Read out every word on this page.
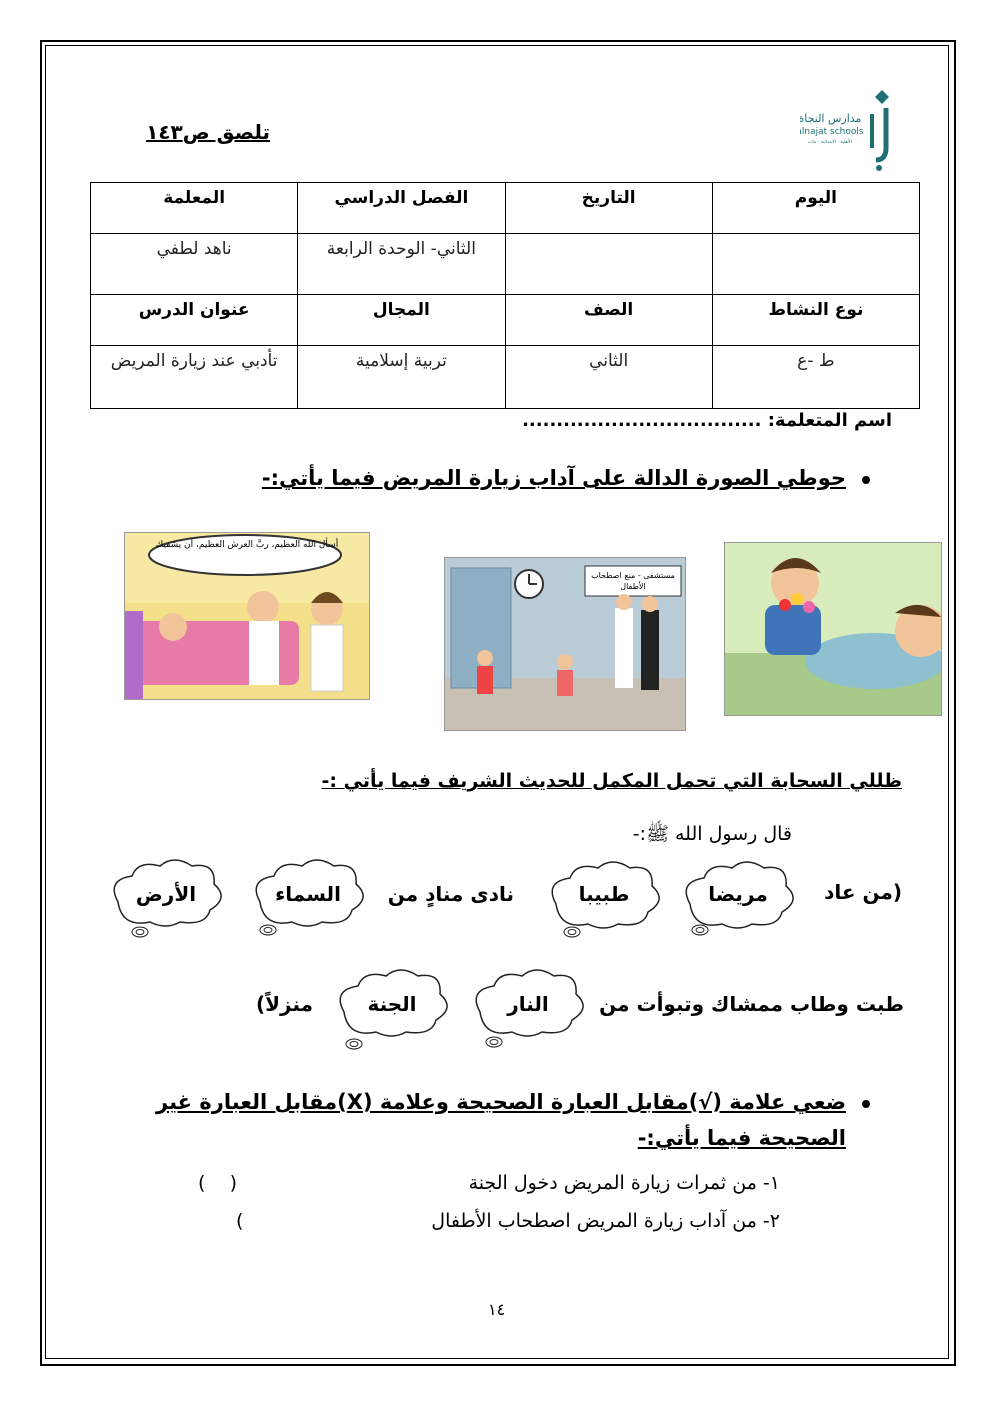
تلصق ص١٤٣
مدارس النجاة
alnajat schools
الأهلية - الابتدائية - بنات
اليوم	التاريخ	الفصل الدراسي	المعلمة
		الثاني- الوحدة الرابعة	ناهد لطفي
نوع النشاط	الصف	المجال	عنوان الدرس
ط -ع	الثاني	تربية إسلامية	تأدبي عند زيارة المريض
اسم المتعلمة: ...................................
حوطي الصورة الدالة على آداب زيارة المريض فيما يأتي:-
مستشفى - منع اصطحاب الأطفال
أسأل الله العظيم، ربَّ العرش العظيم، أن يشفيك
ظللي السحابة التي تحمل المكمل للحديث الشريف فيما يأتي :-
قال رسول الله ﷺ:-
(من عاد
نادى منادٍ من
طبت وطاب ممشاك وتبوأت من
منزلاً)
مريضا
طبيبا
السماء
الأرض
النار
الجنة
ضعي علامة (√)مقابل العبارة الصحيحة وعلامة (X)مقابل العبارة غير
الصحيحة فيما يأتي:-
١- من ثمرات زيارة المريض دخول الجنة
(    )
٢- من آداب زيارة المريض اصطحاب الأطفال
(
١٤
